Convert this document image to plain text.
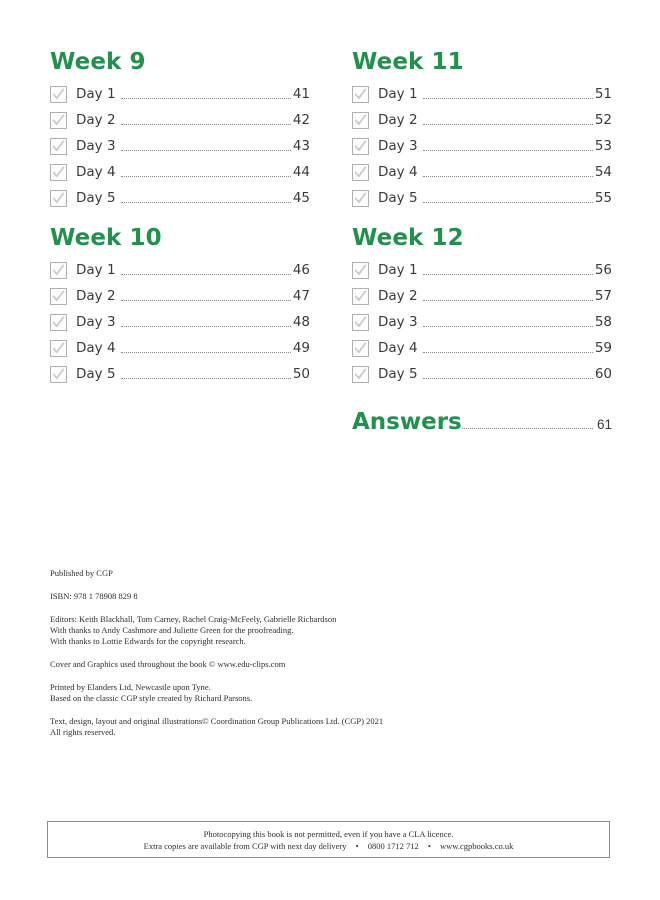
Week 9
Day 1	41
Day 2	42
Day 3	43
Day 4	44
Day 5	45
Week 10
Day 1	46
Day 2	47
Day 3	48
Day 4	49
Day 5	50
Week 11
Day 1	51
Day 2	52
Day 3	53
Day 4	54
Day 5	55
Week 12
Day 1	56
Day 2	57
Day 3	58
Day 4	59
Day 5	60
Answers	61
Published by CGP
ISBN: 978 1 78908 829 8
Editors: Keith Blackhall, Tom Carney, Rachel Craig-McFeely, Gabrielle Richardson
With thanks to Andy Cashmore and Juliette Green for the proofreading.
With thanks to Lottie Edwards for the copyright research.
Cover and Graphics used throughout the book © www.edu-clips.com
Printed by Elanders Ltd, Newcastle upon Tyne.
Based on the classic CGP style created by Richard Parsons.
Text, design, layout and original illustrations© Coordination Group Publications Ltd. (CGP) 2021
All rights reserved.
Photocopying this book is not permitted, even if you have a CLA licence.
Extra copies are available from CGP with next day delivery • 0800 1712 712 • www.cgpbooks.co.uk
